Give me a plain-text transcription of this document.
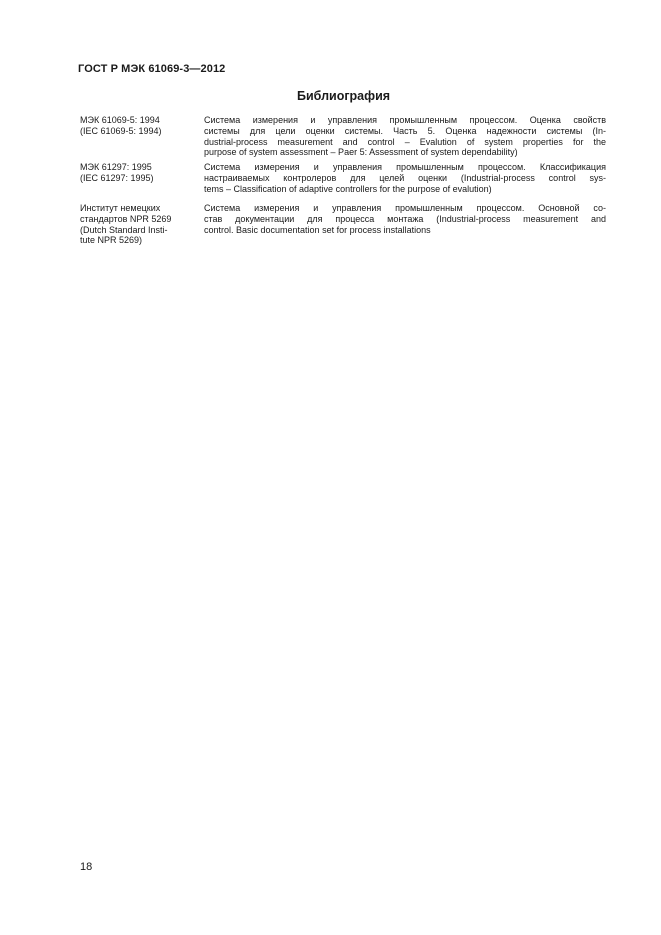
ГОСТ Р МЭК 61069-3—2012
Библиография
МЭК 61069-5: 1994
(IEC 61069-5: 1994)
Система измерения и управления промышленным процессом. Оценка свойств
системы для цели оценки системы. Часть 5. Оценка надежности системы (In-
dustrial-process measurement and control – Evalution of system properties for the
purpose of system assessment – Paer 5: Assessment of system dependability)
МЭК 61297: 1995
(IEC 61297: 1995)
Система измерения и управления промышленным процессом. Классификация
настраиваемых контролеров для целей оценки (Industrial-process control sys-
tems – Classification of adaptive controllers for the purpose of evalution)
Институт немецких
стандартов NPR 5269
(Dutch Standard Insti-
tute NPR 5269)
Система измерения и управления промышленным процессом. Основной со-
став документации для процесса монтажа (Industrial-process measurement and
control. Basic documentation set for process installations
18
